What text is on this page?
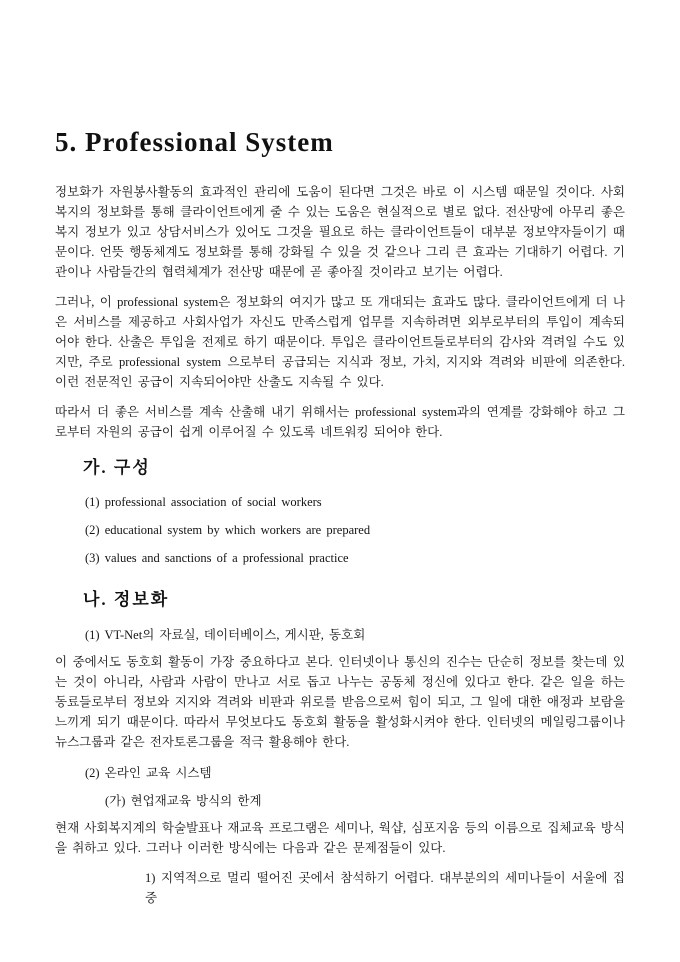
5. Professional System

정보화가 자원봉사활동의 효과적인 관리에 도움이 된다면 그것은 바로 이 시스템 때문일 것이다. 사회복지의 정보화를 통해 클라이언트에게 줄 수 있는 도움은 현실적으로 별로 없다. 전산망에 아무리 좋은 복지 정보가 있고 상담서비스가 있어도 그것을 필요로 하는 클라이언트들이 대부분 정보약자들이기 때문이다. 언뜻 행동체계도 정보화를 통해 강화될 수 있을 것 같으나 그리 큰 효과는 기대하기 어렵다. 기관이나 사람들간의 협력체계가 전산망 때문에 곧 좋아질 것이라고 보기는 어렵다.

그러나, 이 professional system은 정보화의 여지가 많고 또 개대되는 효과도 많다. 클라이언트에게 더 나은 서비스를 제공하고 사회사업가 자신도 만족스럽게 업무를 지속하려면 외부로부터의 투입이 계속되어야 한다. 산출은 투입을 전제로 하기 때문이다. 투입은 클라이언트들로부터의 감사와 격려일 수도 있지만, 주로 professional system 으로부터 공급되는 지식과 정보, 가치, 지지와 격려와 비판에 의존한다. 이런 전문적인 공급이 지속되어야만 산출도 지속될 수 있다.

따라서 더 좋은 서비스를 계속 산출해 내기 위해서는 professional system과의 연계를 강화해야 하고 그로부터 자원의 공급이 쉽게 이루어질 수 있도록 네트워킹 되어야 한다.

가. 구성
(1) professional association of social workers
(2) educational system by which workers are prepared
(3) values and sanctions of a professional practice
나. 정보화

(1) VT-Net의 자료실, 데이터베이스, 게시판, 동호회

이 중에서도 동호회 활동이 가장 중요하다고 본다. 인터넷이나 통신의 진수는 단순히 정보를 찾는데 있는 것이 아니라, 사람과 사람이 만나고 서로 돕고 나누는 공동체 정신에 있다고 한다. 같은 일을 하는 동료들로부터 정보와 지지와 격려와 비판과 위로를 받음으로써 힘이 되고, 그 일에 대한 애정과 보람을 느끼게 되기 때문이다. 따라서 무엇보다도 동호회 활동을 활성화시켜야 한다. 인터넷의 메일링그룹이나 뉴스그룹과 같은 전자토론그룹을 적극 활용해야 한다.

(2) 온라인 교육 시스템

(가) 현업재교육 방식의 한계

현재 사회복지계의 학술발표나 재교육 프로그램은 세미나, 웍샵, 심포지움 등의 이름으로 집체교육 방식을 취하고 있다. 그러나 이러한 방식에는 다음과 같은 문제점들이 있다.

1) 지역적으로 멀리 떨어진 곳에서 참석하기 어렵다. 대부분의의 세미나들이 서울에 집중
